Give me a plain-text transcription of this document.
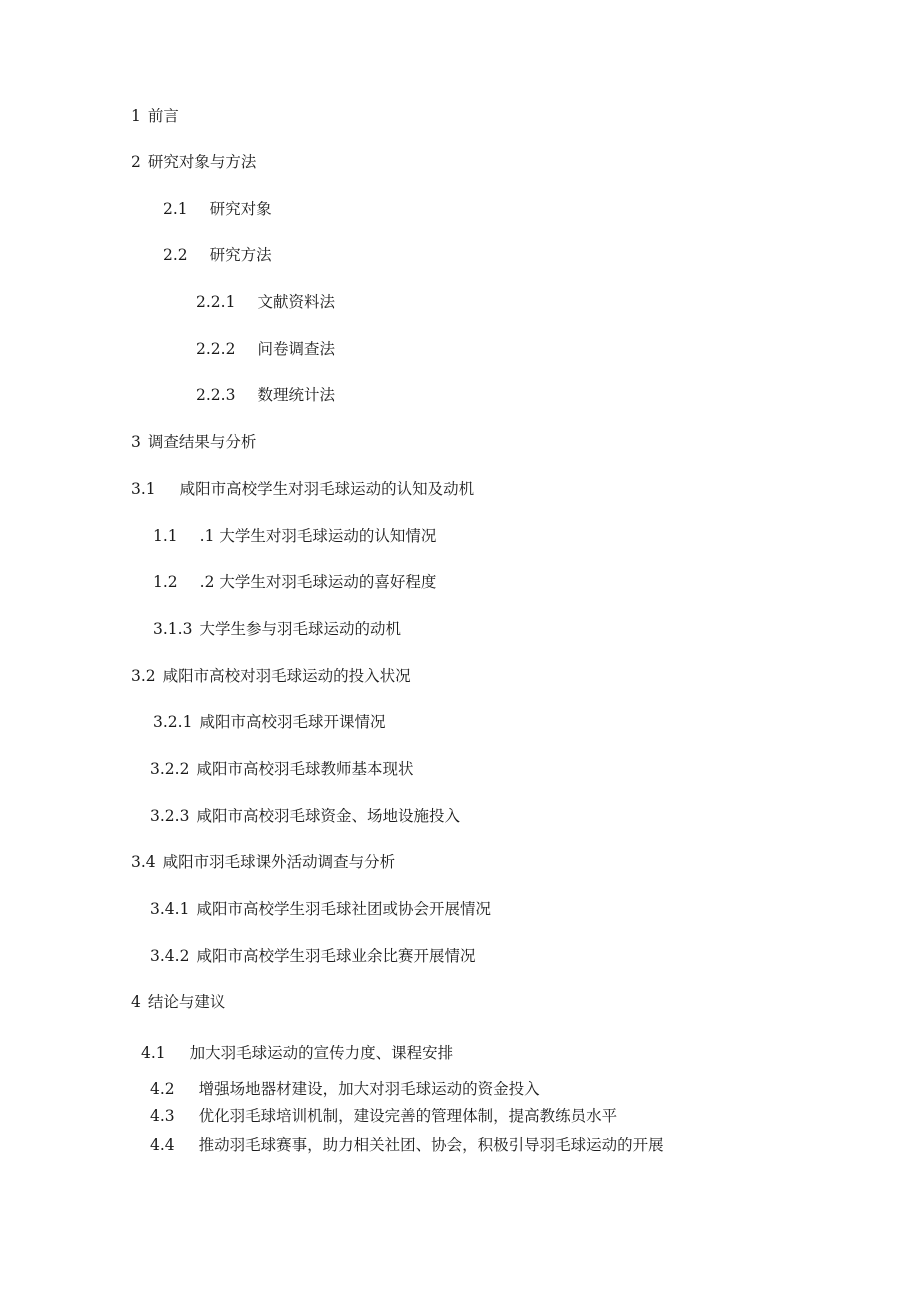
1 前言
2 研究对象与方法
2.1 研究对象
2.2 研究方法
2.2.1 文献资料法
2.2.2 问卷调查法
2.2.3 数理统计法
3 调查结果与分析
3.1 咸阳市高校学生对羽毛球运动的认知及动机
1.1 .1 大学生对羽毛球运动的认知情况
1.2 .2 大学生对羽毛球运动的喜好程度
3.1.3 大学生参与羽毛球运动的动机
3.2 咸阳市高校对羽毛球运动的投入状况
3.2.1 咸阳市高校羽毛球开课情况
3.2.2 咸阳市高校羽毛球教师基本现状
3.2.3 咸阳市高校羽毛球资金、场地设施投入
3.4 咸阳市羽毛球课外活动调查与分析
3.4.1 咸阳市高校学生羽毛球社团或协会开展情况
3.4.2 咸阳市高校学生羽毛球业余比赛开展情况
4 结论与建议
4.1 加大羽毛球运动的宣传力度、课程安排
4.2 增强场地器材建设，加大对羽毛球运动的资金投入
4.3 优化羽毛球培训机制，建设完善的管理体制，提高教练员水平
4.4 推动羽毛球赛事，助力相关社团、协会，积极引导羽毛球运动的开展
